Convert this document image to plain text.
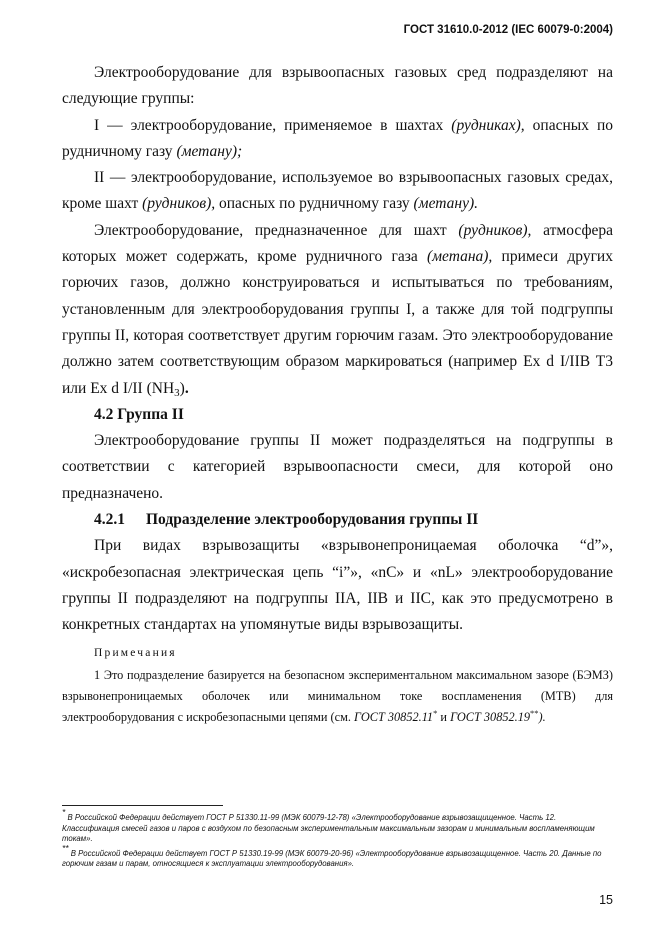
ГОСТ 31610.0-2012 (IEC 60079-0:2004)

Электрооборудование для взрывоопасных газовых сред подразделяют на следующие группы:

I — электрооборудование, применяемое в шахтах (рудниках), опасных по рудничному газу (метану);

II — электрооборудование, используемое во взрывоопасных газовых средах, кроме шахт (рудников), опасных по рудничному газу (метану).

Электрооборудование, предназначенное для шахт (рудников), атмосфера которых может содержать, кроме рудничного газа (метана), примеси других горючих газов, должно конструироваться и испытываться по требованиям, установленным для электрооборудования группы I, а также для той подгруппы группы II, которая соответствует другим горючим газам. Это электрооборудование должно затем соответствующим образом маркироваться (например Ex d I/IIB T3 или Ex d I/II $(NH_3)$.

4.2 Группа II

Электрооборудование группы II может подразделяться на подгруппы в соответствии с категорией взрывоопасности смеси, для которой оно предназначено.

4.2.1 Подразделение электрооборудования группы II

При видах взрывозащиты «взрывонепроницаемая оболочка “d”», «искробезопасная электрическая цепь “i”», «nC» и «nL» электрооборудование группы II подразделяют на подгруппы IIA, IIB и IIC, как это предусмотрено в конкретных стандартах на упомянутые виды взрывозащиты.

Примечания

1 Это подразделение базируется на безопасном экспериментальном максимальном зазоре (БЭМЗ) взрывонепроницаемых оболочек или минимальном токе воспламенения (МТВ) для электрооборудования с искробезопасными цепями (см. ГОСТ 30852.11* и ГОСТ 30852.19**).

* В Российской Федерации действует ГОСТ Р 51330.11-99 (МЭК 60079-12-78) «Электрооборудование взрывозащищенное. Часть 12. Классификация смесей газов и паров с воздухом по безопасным экспериментальным максимальным зазорам и минимальным воспламеняющим токам».

** В Российской Федерации действует ГОСТ Р 51330.19-99 (МЭК 60079-20-96) «Электрооборудование взрывозащищенное. Часть 20. Данные по горючим газам и парам, относящиеся к эксплуатации электрооборудования».

15
